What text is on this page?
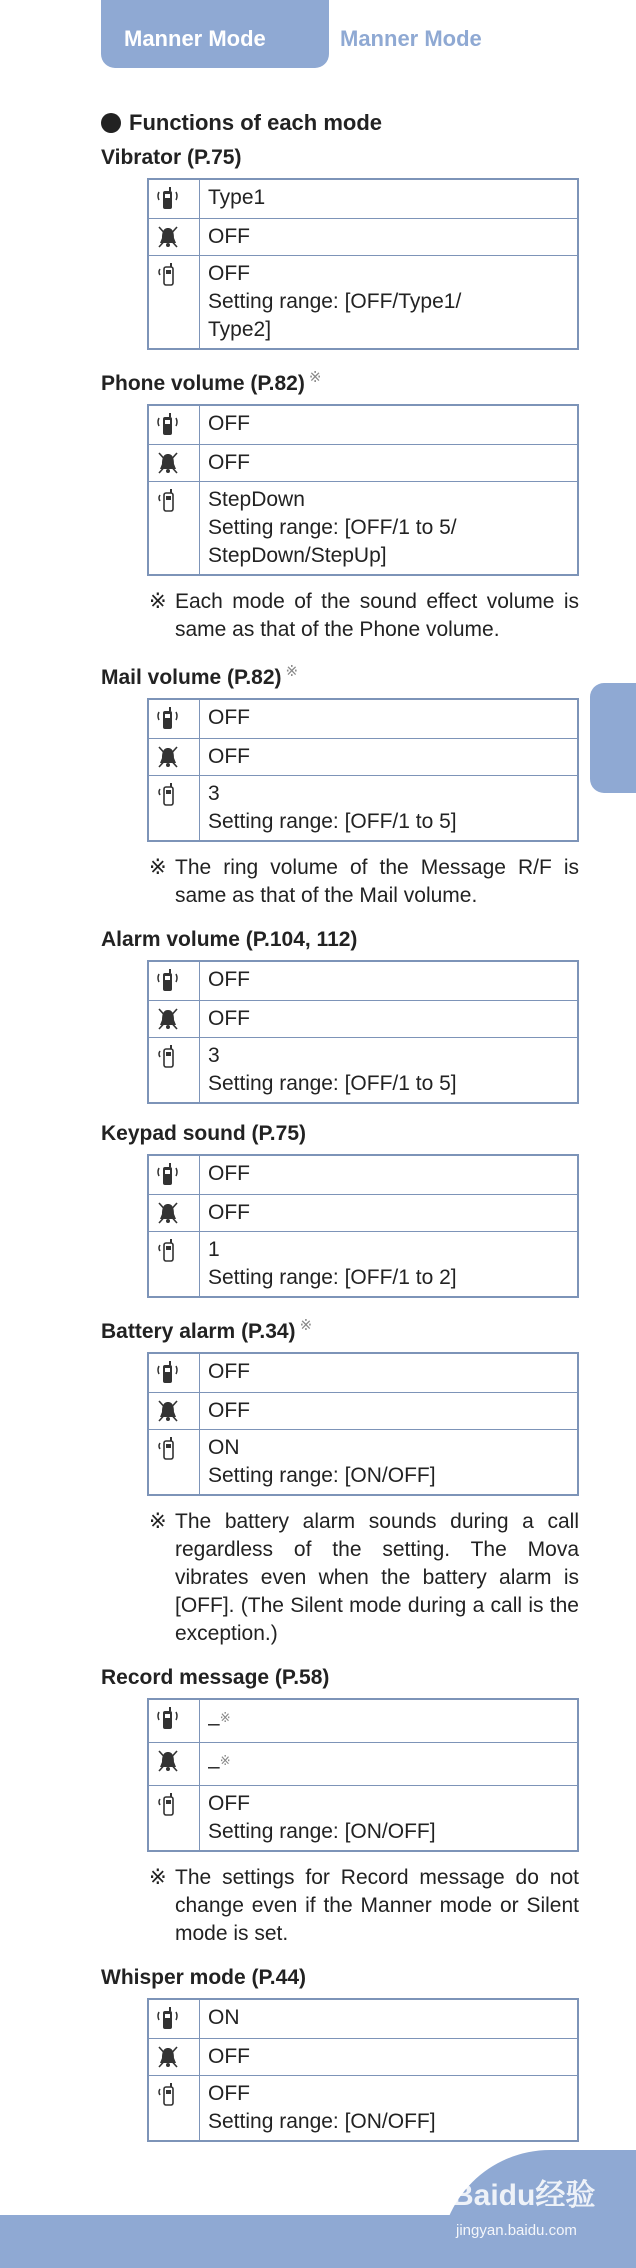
Manner Mode	Manner Mode
Functions of each mode
Vibrator (P.75)

Type1

OFF

OFF
Setting range: [OFF/Type1/
Type2]
Phone volume (P.82) ※

OFF

OFF

StepDown
Setting range: [OFF/1 to 5/
StepDown/StepUp]
※ Each mode of the sound effect volume is same as that of the Phone volume.
Mail volume (P.82) ※

OFF

OFF

3
Setting range: [OFF/1 to 5]
※ The ring volume of the Message R/F is same as that of the Mail volume.
Alarm volume (P.104, 112)

OFF

OFF

3
Setting range: [OFF/1 to 5]
Keypad sound (P.75)

OFF

OFF

1
Setting range: [OFF/1 to 2]
Battery alarm (P.34) ※

OFF

OFF

ON
Setting range: [ON/OFF]
※ The battery alarm sounds during a call regardless of the setting. The Mova vibrates even when the battery alarm is [OFF]. (The Silent mode during a call is the exception.)
Record message (P.58)

–※

–※

OFF
Setting range: [ON/OFF]
※ The settings for Record message do not change even if the Manner mode or Silent mode is set.
Whisper mode (P.44)

ON

OFF

OFF
Setting range: [ON/OFF]
Baidu经验
jingyan.baidu.com
